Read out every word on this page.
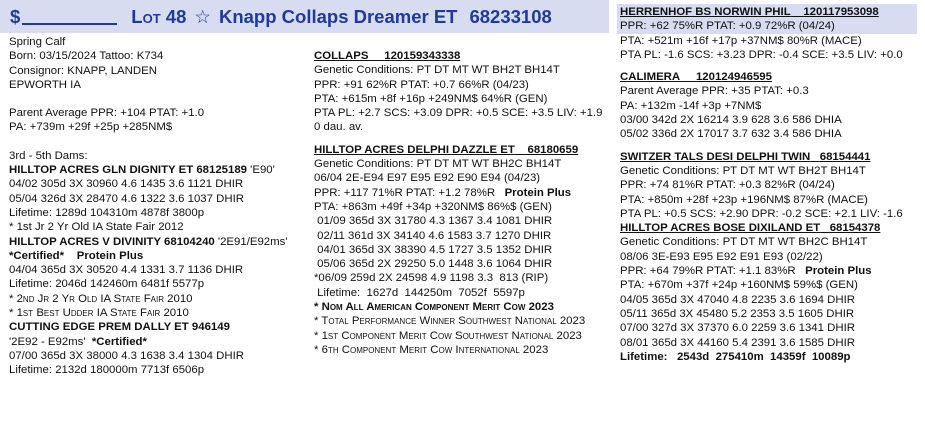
$	Lot
48 ☆ Knapp Collaps Dreamer ET 68233108
Spring Calf
Born: 03/15/2024 Tattoo: K734
Consignor: KNAPP, LANDEN
EPWORTH IA
Parent Average PPR: +104 PTAT: +1.0
PA: +739m +29f +25p +285NM$
3rd - 5th Dams:
HILLTOP ACRES GLN DIGNITY ET 68125189 'E90'
04/02 305d 3X 30960 4.6 1435 3.6 1121 DHIR
05/04 326d 3X 28470 4.6 1322 3.6 1037 DHIR
Lifetime: 1289d 104310m 4878f 3800p
* 1st Jr 2 Yr Old IA State Fair 2012
HILLTOP ACRES V DIVINITY 68104240 '2E91/E92ms'
*Certified* Protein Plus
04/04 365d 3X 30520 4.4 1331 3.7 1136 DHIR
Lifetime: 2046d 142460m 6481f 5577p
* 2nd Jr 2 Yr Old IA State Fair 2010
* 1st Best Udder IA State Fair 2010
CUTTING EDGE PREM DALLY ET 946149
'2E92 - E92ms' *Certified*
07/00 365d 3X 38000 4.3 1638 3.4 1304 DHIR
Lifetime: 2132d 180000m 7713f 6506p
COLLAPS 120159343338
Genetic Conditions: PT DT MT WT BH2T BH14T
PPR: +91 62%R PTAT: +0.7 66%R (04/23)
PTA: +615m +8f +16p +249NM$ 64%R (GEN)
PTA PL: +2.7 SCS: +3.09 DPR: +0.5 SCE: +3.5 LIV: +1.9
0 dau. av.
HILLTOP ACRES DELPHI DAZZLE ET 68180659
Genetic Conditions: PT DT MT WT BH2C BH14T
06/04 2E-E94 E97 E95 E92 E90 E94 (04/23)
PPR: +117 71%R PTAT: +1.2 78%R Protein Plus
PTA: +863m +49f +34p +320NM$ 86%$ (GEN)
01/09 365d 3X 31780 4.3 1367 3.4 1081 DHIR
02/11 361d 3X 34140 4.6 1583 3.7 1270 DHIR
04/01 365d 3X 38390 4.5 1727 3.5 1352 DHIR
05/06 365d 2X 29250 5.0 1448 3.6 1064 DHIR
*06/09 259d 2X 24598 4.9 1198 3.3  813 (RIP)
Lifetime:  1627d  144250m  7052f  5597p
* Nom All American Component Merit Cow 2023
* Total Performance Winner Southwest National 2023
* 1st Component Merit Cow Southwest National 2023
* 6th Component Merit Cow International 2023
HERRENHOF BS NORWIN PHIL 120117953098
PPR: +62 75%R PTAT: +0.9 72%R (04/24)
PTA: +521m +16f +17p +37NM$ 80%R (MACE)
PTA PL: -1.6 SCS: +3.23 DPR: -0.4 SCE: +3.5 LIV: +0.0
CALIMERA 120124946595
Parent Average PPR: +35 PTAT: +0.3
PA: +132m -14f +3p +7NM$
03/00 342d 2X 16214 3.9 628 3.6 586 DHIA
05/02 336d 2X 17017 3.7 632 3.4 586 DHIA
SWITZER TALS DESI DELPHI TWIN 68154441
Genetic Conditions: PT DT MT WT BH2T BH14T
PPR: +74 81%R PTAT: +0.3 82%R (04/24)
PTA: +850m +28f +23p +196NM$ 87%R (MACE)
PTA PL: +0.5 SCS: +2.90 DPR: -0.2 SCE: +2.1 LIV: -1.6
HILLTOP ACRES BOSE DIXILAND ET 68154378
Genetic Conditions: PT DT MT WT BH2C BH14T
08/06 3E-E93 E95 E92 E91 E93 (02/22)
PPR: +64 79%R PTAT: +1.1 83%R Protein Plus
PTA: +670m +37f +24p +160NM$ 59%$ (GEN)
04/05 365d 3X 47040 4.8 2235 3.6 1694 DHIR
05/11 365d 3X 45480 5.2 2353 3.5 1605 DHIR
07/00 327d 3X 37370 6.0 2259 3.6 1341 DHIR
08/01 365d 3X 44160 5.4 2391 3.6 1585 DHIR
Lifetime:   2543d  275410m  14359f  10089p
